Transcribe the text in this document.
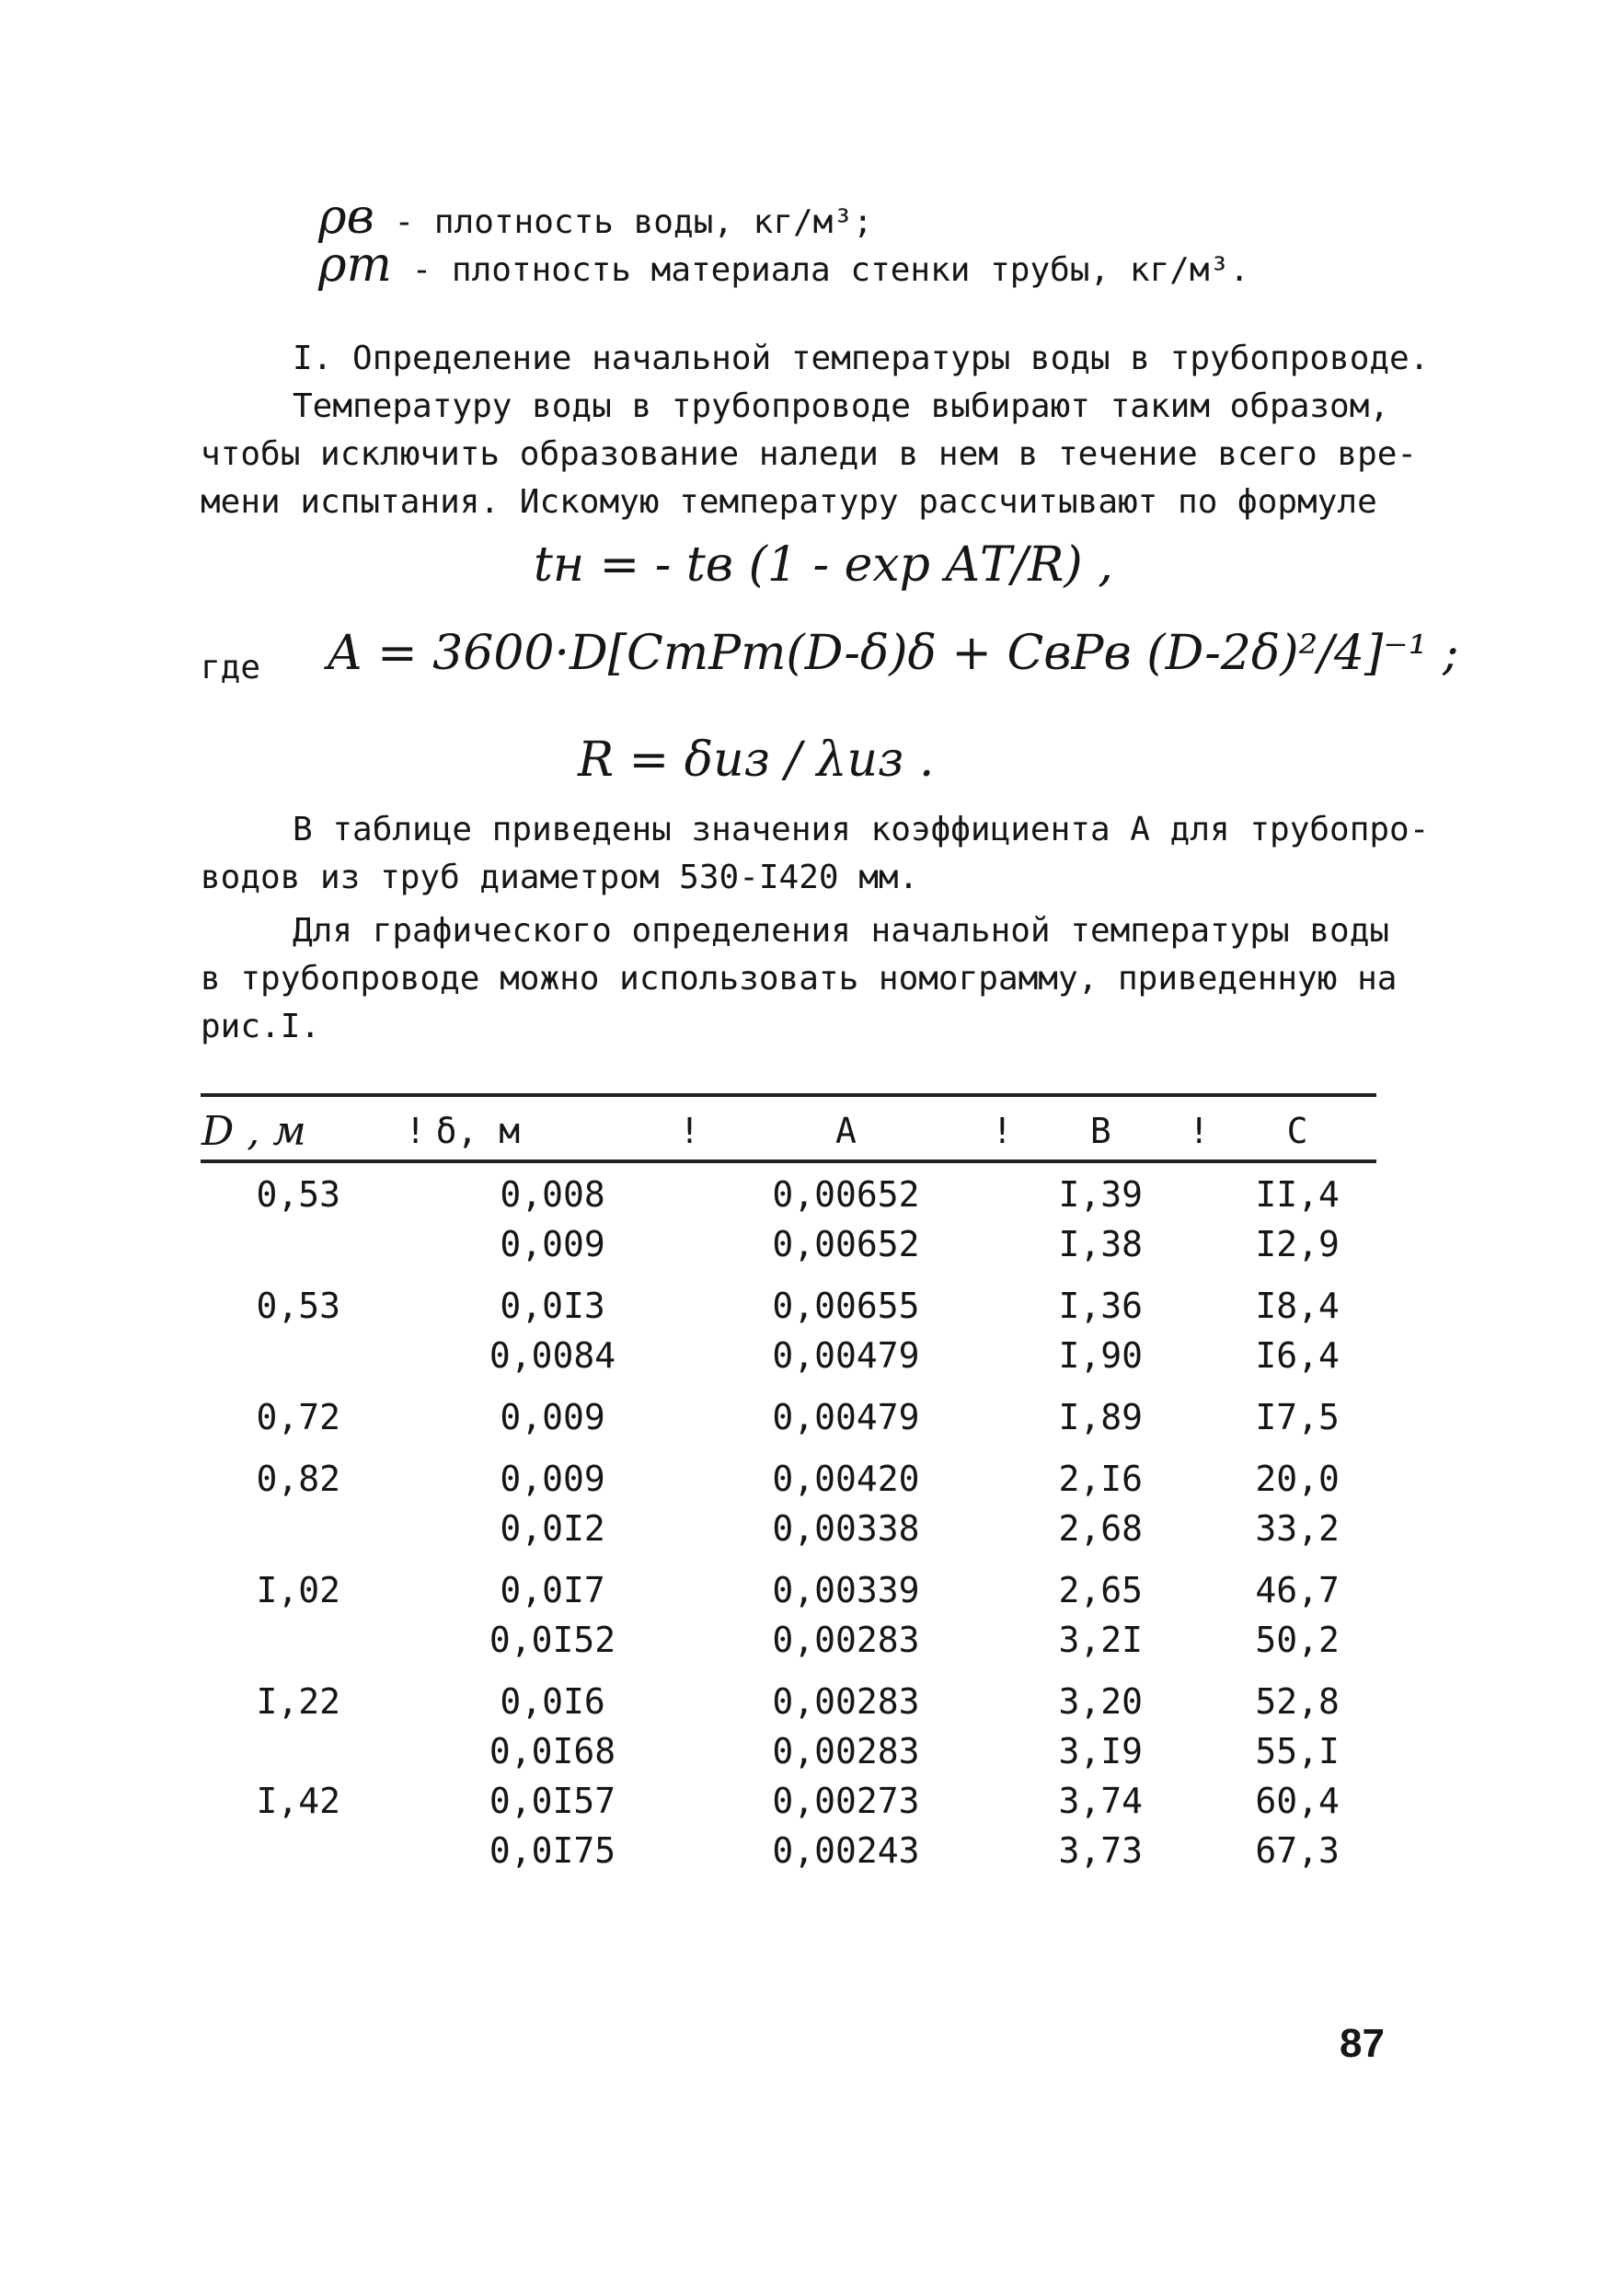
ρв - плотность воды, кг/м³;
ρт - плотность материала стенки трубы, кг/м³.
I. Определение начальной температуры воды в трубопроводе.
Температуру воды в трубопроводе выбирают таким образом,
чтобы исключить образование наледи в нем в течение всего вре-
мени испытания. Искомую температуру рассчитывают по формуле
tн = - tв (1 - exp AΤ/R) ,
где A = 3600·D[CтPт(D-δ)δ + CвPв (D-2δ)²/4]⁻¹ ;
R = δиз / λиз .
В таблице приведены значения коэффициента A для трубопро-
водов из труб диаметром 530-I420 мм.
Для графического определения начальной температуры воды
в трубопроводе можно использовать номограмму, приведенную на
рис.I.
D , м	!	δ, м	!	A	!	B	!	C
0,53		0,008		0,00652		I,39		II,4
		0,009		0,00652		I,38		I2,9
0,53		0,0I3		0,00655		I,36		I8,4
		0,0084		0,00479		I,90		I6,4
0,72		0,009		0,00479		I,89		I7,5
0,82		0,009		0,00420		2,I6		20,0
		0,0I2		0,00338		2,68		33,2
I,02		0,0I7		0,00339		2,65		46,7
		0,0I52		0,00283		3,2I		50,2
I,22		0,0I6		0,00283		3,20		52,8
		0,0I68		0,00283		3,I9		55,I
I,42		0,0I57		0,00273		3,74		60,4
		0,0I75		0,00243		3,73		67,3
87
